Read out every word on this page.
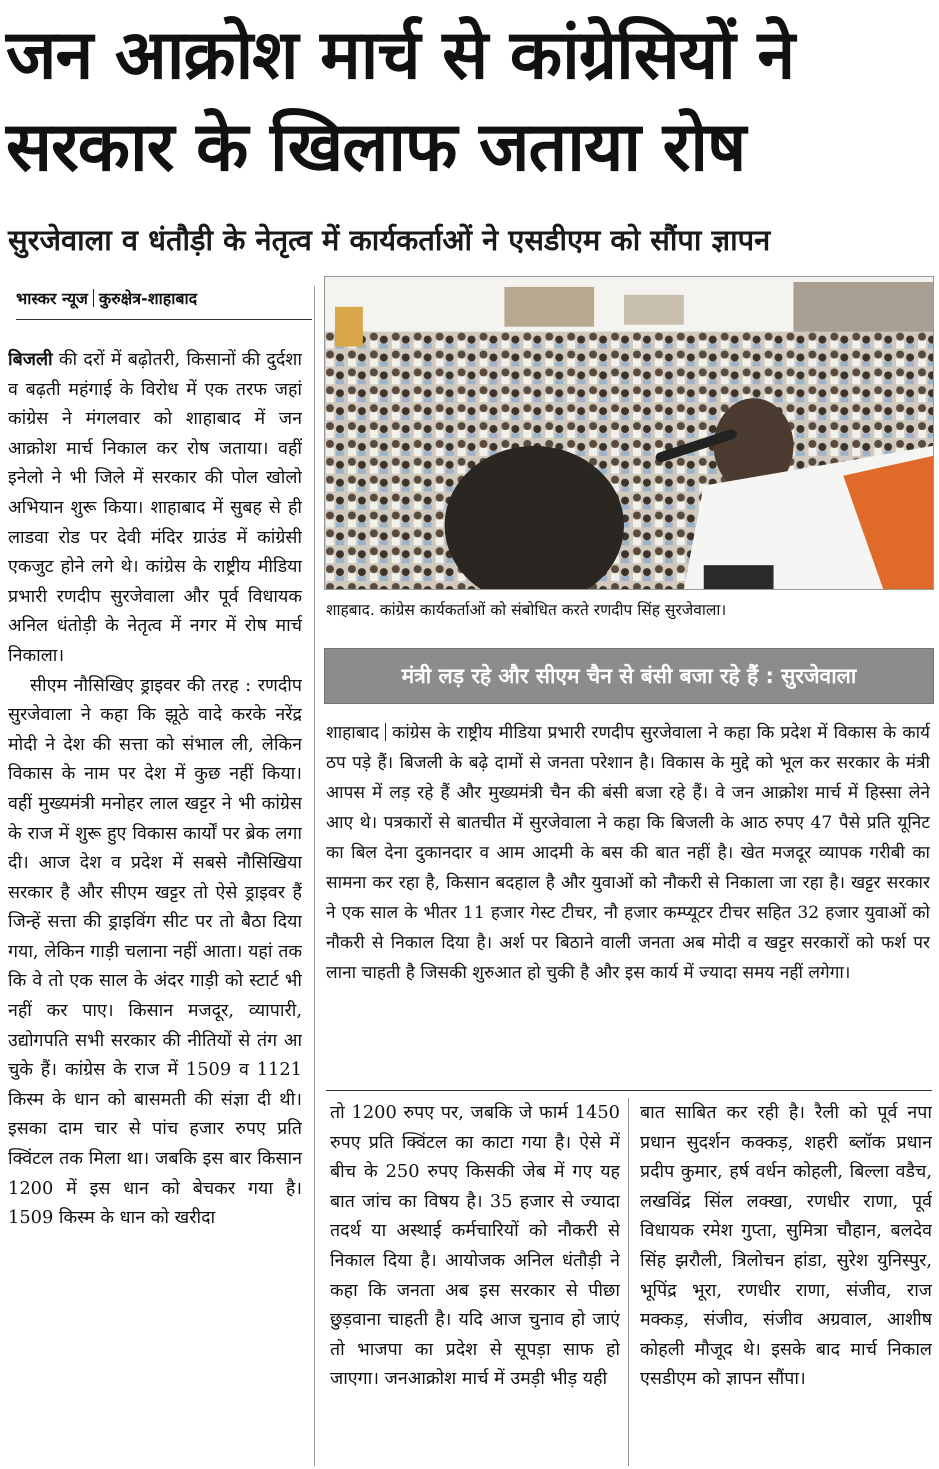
जन आक्रोश मार्च से कांग्रेसियों ने
सरकार के खिलाफ जताया रोष
सुरजेवाला व धंतौड़ी के नेतृत्व में कार्यकर्ताओं ने एसडीएम को सौंपा ज्ञापन
भास्कर न्यूज कुरुक्षेत्र-शाहाबाद

बिजली की दरों में बढ़ोतरी, किसानों की दुर्दशा व बढ़ती महंगाई के विरोध में एक तरफ जहां कांग्रेस ने मंगलवार को शाहाबाद में जन आक्रोश मार्च निकाल कर रोष जताया। वहीं इनेलो ने भी जिले में सरकार की पोल खोलो अभियान शुरू किया। शाहाबाद में सुबह से ही लाडवा रोड पर देवी मंदिर ग्राउंड में कांग्रेसी एकजुट होने लगे थे। कांग्रेस के राष्ट्रीय मीडिया प्रभारी रणदीप सुरजेवाला और पूर्व विधायक अनिल धंतोड़ी के नेतृत्व में नगर में रोष मार्च निकाला।

सीएम नौसिखिए ड्राइवर की तरह : रणदीप सुरजेवाला ने कहा कि झूठे वादे करके नरेंद्र मोदी ने देश की सत्ता को संभाल ली, लेकिन विकास के नाम पर देश में कुछ नहीं किया। वहीं मुख्यमंत्री मनोहर लाल खट्टर ने भी कांग्रेस के राज में शुरू हुए विकास कार्यों पर ब्रेक लगा दी। आज देश व प्रदेश में सबसे नौसिखिया सरकार है और सीएम खट्टर तो ऐसे ड्राइवर हैं जिन्हें सत्ता की ड्राइविंग सीट पर तो बैठा दिया गया, लेकिन गाड़ी चलाना नहीं आता। यहां तक कि वे तो एक साल के अंदर गाड़ी को स्टार्ट भी नहीं कर पाए। किसान मजदूर, व्यापारी, उद्योगपति सभी सरकार की नीतियों से तंग आ चुके हैं। कांग्रेस के राज में 1509 व 1121 किस्म के धान को बासमती की संज्ञा दी थी। इसका दाम चार से पांच हजार रुपए प्रति क्विंटल तक मिला था। जबकि इस बार किसान 1200 में इस धान को बेचकर गया है। 1509 किस्म के धान को खरीदा

शाहबाद. कांग्रेस कार्यकर्ताओं को संबोधित करते रणदीप सिंह सुरजेवाला।
मंत्री लड़ रहे और सीएम चैन से बंसी बजा रहे हैं : सुरजेवाला

शाहाबाद कांग्रेस के राष्ट्रीय मीडिया प्रभारी रणदीप सुरजेवाला ने कहा कि प्रदेश में विकास के कार्य ठप पड़े हैं। बिजली के बढ़े दामों से जनता परेशान है। विकास के मुद्दे को भूल कर सरकार के मंत्री आपस में लड़ रहे हैं और मुख्यमंत्री चैन की बंसी बजा रहे हैं। वे जन आक्रोश मार्च में हिस्सा लेने आए थे। पत्रकारों से बातचीत में सुरजेवाला ने कहा कि बिजली के आठ रुपए 47 पैसे प्रति यूनिट का बिल देना दुकानदार व आम आदमी के बस की बात नहीं है। खेत मजदूर व्यापक गरीबी का सामना कर रहा है, किसान बदहाल है और युवाओं को नौकरी से निकाला जा रहा है। खट्टर सरकार ने एक साल के भीतर 11 हजार गेस्ट टीचर, नौ हजार कम्प्यूटर टीचर सहित 32 हजार युवाओं को नौकरी से निकाल दिया है। अर्श पर बिठाने वाली जनता अब मोदी व खट्टर सरकारों को फर्श पर लाना चाहती है जिसकी शुरुआत हो चुकी है और इस कार्य में ज्यादा समय नहीं लगेगा।

तो 1200 रुपए पर, जबकि जे फार्म 1450 रुपए प्रति क्विंटल का काटा गया है। ऐसे में बीच के 250 रुपए किसकी जेब में गए यह बात जांच का विषय है। 35 हजार से ज्यादा तदर्थ या अस्थाई कर्मचारियों को नौकरी से निकाल दिया है। आयोजक अनिल धंतौड़ी ने कहा कि जनता अब इस सरकार से पीछा छुड़वाना चाहती है। यदि आज चुनाव हो जाएं तो भाजपा का प्रदेश से सूपड़ा साफ हो जाएगा। जनआक्रोश मार्च में उमड़ी भीड़ यही

बात साबित कर रही है। रैली को पूर्व नपा प्रधान सुदर्शन कक्कड़, शहरी ब्लॉक प्रधान प्रदीप कुमार, हर्ष वर्धन कोहली, बिल्ला वडैच, लखविंद्र सिंल लक्खा, रणधीर राणा, पूर्व विधायक रमेश गुप्ता, सुमित्रा चौहान, बलदेव सिंह झरौली, त्रिलोचन हांडा, सुरेश युनिस्पुर, भूपिंद्र भूरा, रणधीर राणा, संजीव, राज मक्कड़, संजीव, संजीव अग्रवाल, आशीष कोहली मौजूद थे। इसके बाद मार्च निकाल एसडीएम को ज्ञापन सौंपा।
